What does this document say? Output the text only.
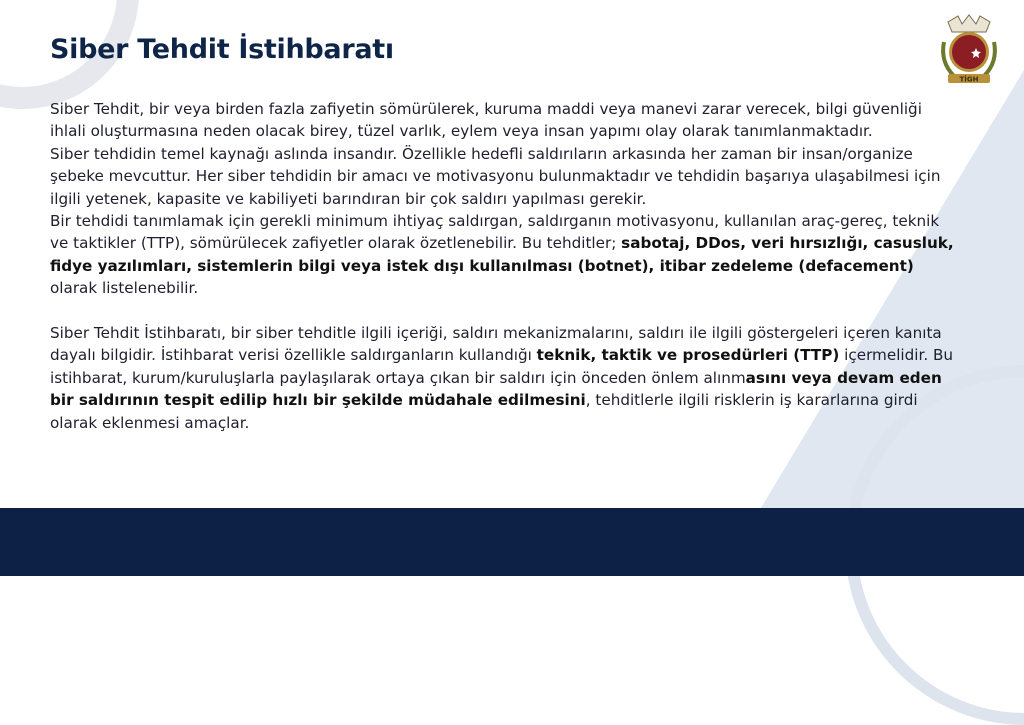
Siber Tehdit İstihbaratı

Siber Tehdit, bir veya birden fazla zafiyetin sömürülerek, kuruma maddi veya manevi zarar verecek, bilgi güvenliği ihlali oluşturmasına neden olacak birey, tüzel varlık, eylem veya insan yapımı olay olarak tanımlanmaktadır.

Siber tehdidin temel kaynağı aslında insandır. Özellikle hedefli saldırıların arkasında her zaman bir insan/organize şebeke mevcuttur. Her siber tehdidin bir amacı ve motivasyonu bulunmaktadır ve tehdidin başarıya ulaşabilmesi için ilgili yetenek, kapasite ve kabiliyeti barındıran bir çok saldırı yapılması gerekir.

Bir tehdidi tanımlamak için gerekli minimum ihtiyaç saldırgan, saldırganın motivasyonu, kullanılan araç-gereç, teknik ve taktikler (TTP), sömürülecek zafiyetler olarak özetlenebilir. Bu tehditler; sabotaj, DDos, veri hırsızlığı, casusluk, fidye yazılımları, sistemlerin bilgi veya istek dışı kullanılması (botnet), itibar zedeleme (defacement) olarak listelenebilir.

Siber Tehdit İstihbaratı, bir siber tehditle ilgili içeriği, saldırı mekanizmalarını, saldırı ile ilgili göstergeleri içeren kanıta dayalı bilgidir. İstihbarat verisi özellikle saldırganların kullandığı teknik, taktik ve prosedürleri (TTP) içermelidir. Bu istihbarat, kurum/kuruluşlarla paylaşılarak ortaya çıkan bir saldırı için önceden önlem alınmasını veya devam eden bir saldırının tespit edilip hızlı bir şekilde müdahale edilmesini, tehditlerle ilgili risklerin iş kararlarına girdi olarak eklenmesi amaçlar.

TİGH
